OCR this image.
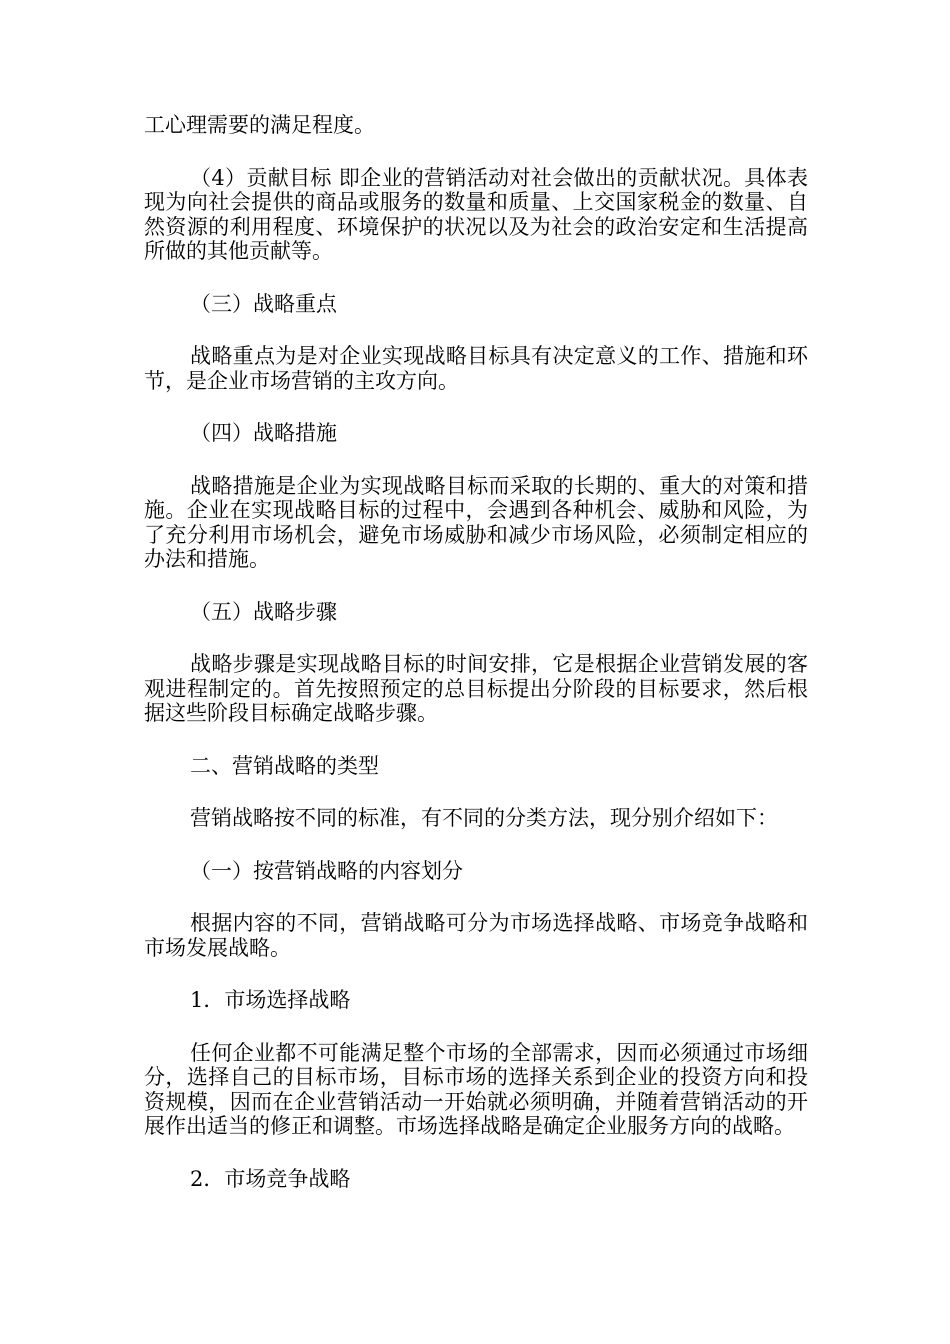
工心理需要的满足程度。

（4）贡献目标 即企业的营销活动对社会做出的贡献状况。具体表现为向社会提供的商品或服务的数量和质量、上交国家税金的数量、自然资源的利用程度、环境保护的状况以及为社会的政治安定和生活提高所做的其他贡献等。

（三）战略重点

战略重点为是对企业实现战略目标具有决定意义的工作、措施和环节，是企业市场营销的主攻方向。

（四）战略措施

战略措施是企业为实现战略目标而采取的长期的、重大的对策和措施。企业在实现战略目标的过程中，会遇到各种机会、威胁和风险，为了充分利用市场机会，避免市场威胁和减少市场风险，必须制定相应的办法和措施。

（五）战略步骤

战略步骤是实现战略目标的时间安排，它是根据企业营销发展的客观进程制定的。首先按照预定的总目标提出分阶段的目标要求，然后根据这些阶段目标确定战略步骤。

二、营销战略的类型

营销战略按不同的标准，有不同的分类方法，现分别介绍如下：

（一）按营销战略的内容划分

根据内容的不同，营销战略可分为市场选择战略、市场竞争战略和市场发展战略。

1．市场选择战略

任何企业都不可能满足整个市场的全部需求，因而必须通过市场细分，选择自己的目标市场，目标市场的选择关系到企业的投资方向和投资规模，因而在企业营销活动一开始就必须明确，并随着营销活动的开展作出适当的修正和调整。市场选择战略是确定企业服务方向的战略。

2．市场竞争战略
